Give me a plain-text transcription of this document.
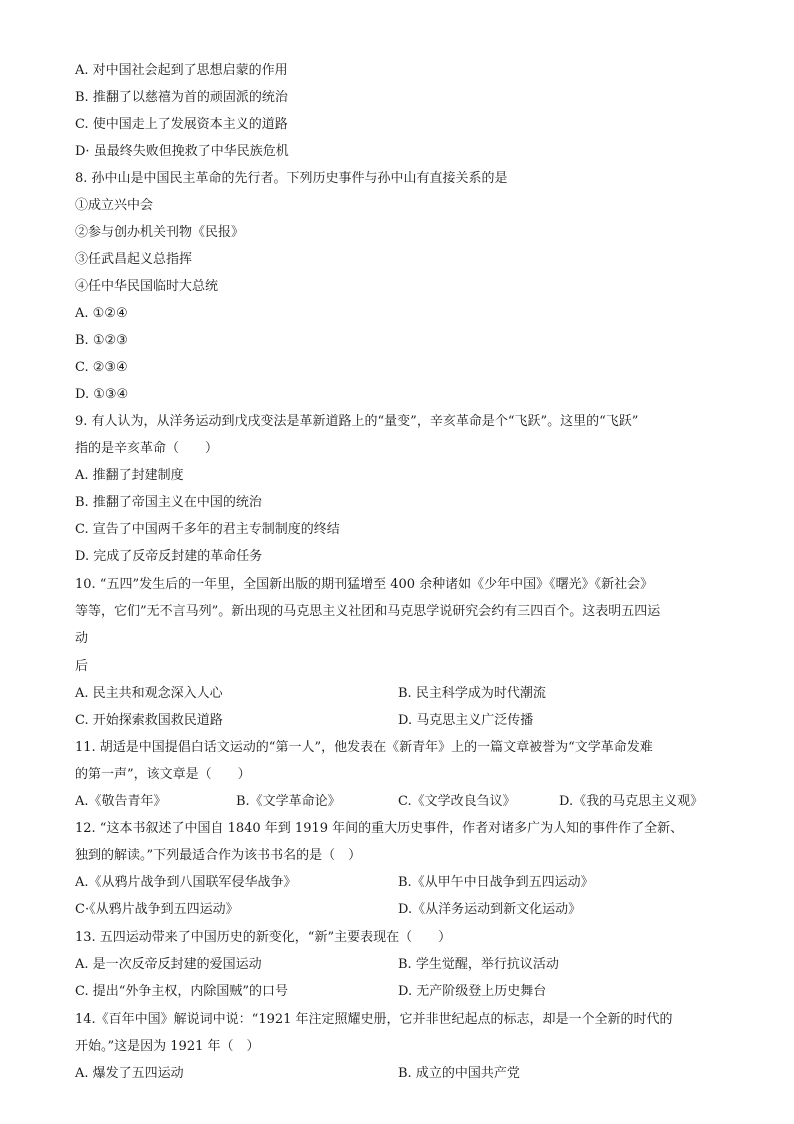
A. 对中国社会起到了思想启蒙的作用
B. 推翻了以慈禧为首的顽固派的统治
C. 使中国走上了发展资本主义的道路
D· 虽最终失败但挽救了中华民族危机
8. 孙中山是中国民主革命的先行者。下列历史事件与孙中山有直接关系的是
①成立兴中会
②参与创办机关刊物《民报》
③任武昌起义总指挥
④任中华民国临时大总统
A. ①②④
B. ①②③
C. ②③④
D. ①③④
9. 有人认为，从洋务运动到戊戌变法是革新道路上的“量变”，辛亥革命是个“飞跃”。这里的“飞跃”
指的是辛亥革命（　　）
A. 推翻了封建制度
B. 推翻了帝国主义在中国的统治
C. 宣告了中国两千多年的君主专制制度的终结
D. 完成了反帝反封建的革命任务
10. “五四”发生后的一年里，全国新出版的期刊猛增至 400 余种诸如《少年中国》《曙光》《新社会》
等等，它们”无不言马列”。新出现的马克思主义社团和马克思学说研究会约有三四百个。这表明五四运
动
后
A. 民主共和观念深入人心	B. 民主科学成为时代潮流
C. 开始探索救国救民道路	D. 马克思主义广泛传播
11. 胡适是中国提倡白话文运动的“第一人”，他发表在《新青年》上的一篇文章被誉为“文学革命发难
的第一声”，该文章是（　　）
A.《敬告青年》	B.《文学革命论》	C.《文学改良刍议》	D.《我的马克思主义观》
12. “这本书叙述了中国自 1840 年到 1919 年间的重大历史事件，作者对诸多广为人知的事件作了全新、
独到的解读。”下列最适合作为该书书名的是（　）
A.《从鸦片战争到八国联军侵华战争》	B.《从甲午中日战争到五四运动》
C·《从鸦片战争到五四运动》	D.《从洋务运动到新文化运动》
13. 五四运动带来了中国历史的新变化，“新”主要表现在（　　）
A. 是一次反帝反封建的爱国运动	B. 学生觉醒，举行抗议活动
C. 提出“外争主权，内除国贼”的口号	D. 无产阶级登上历史舞台
14.《百年中国》解说词中说：“1921 年注定照耀史册，它并非世纪起点的标志，却是一个全新的时代的
开始。”这是因为 1921 年（　）
A. 爆发了五四运动	B. 成立的中国共产党
